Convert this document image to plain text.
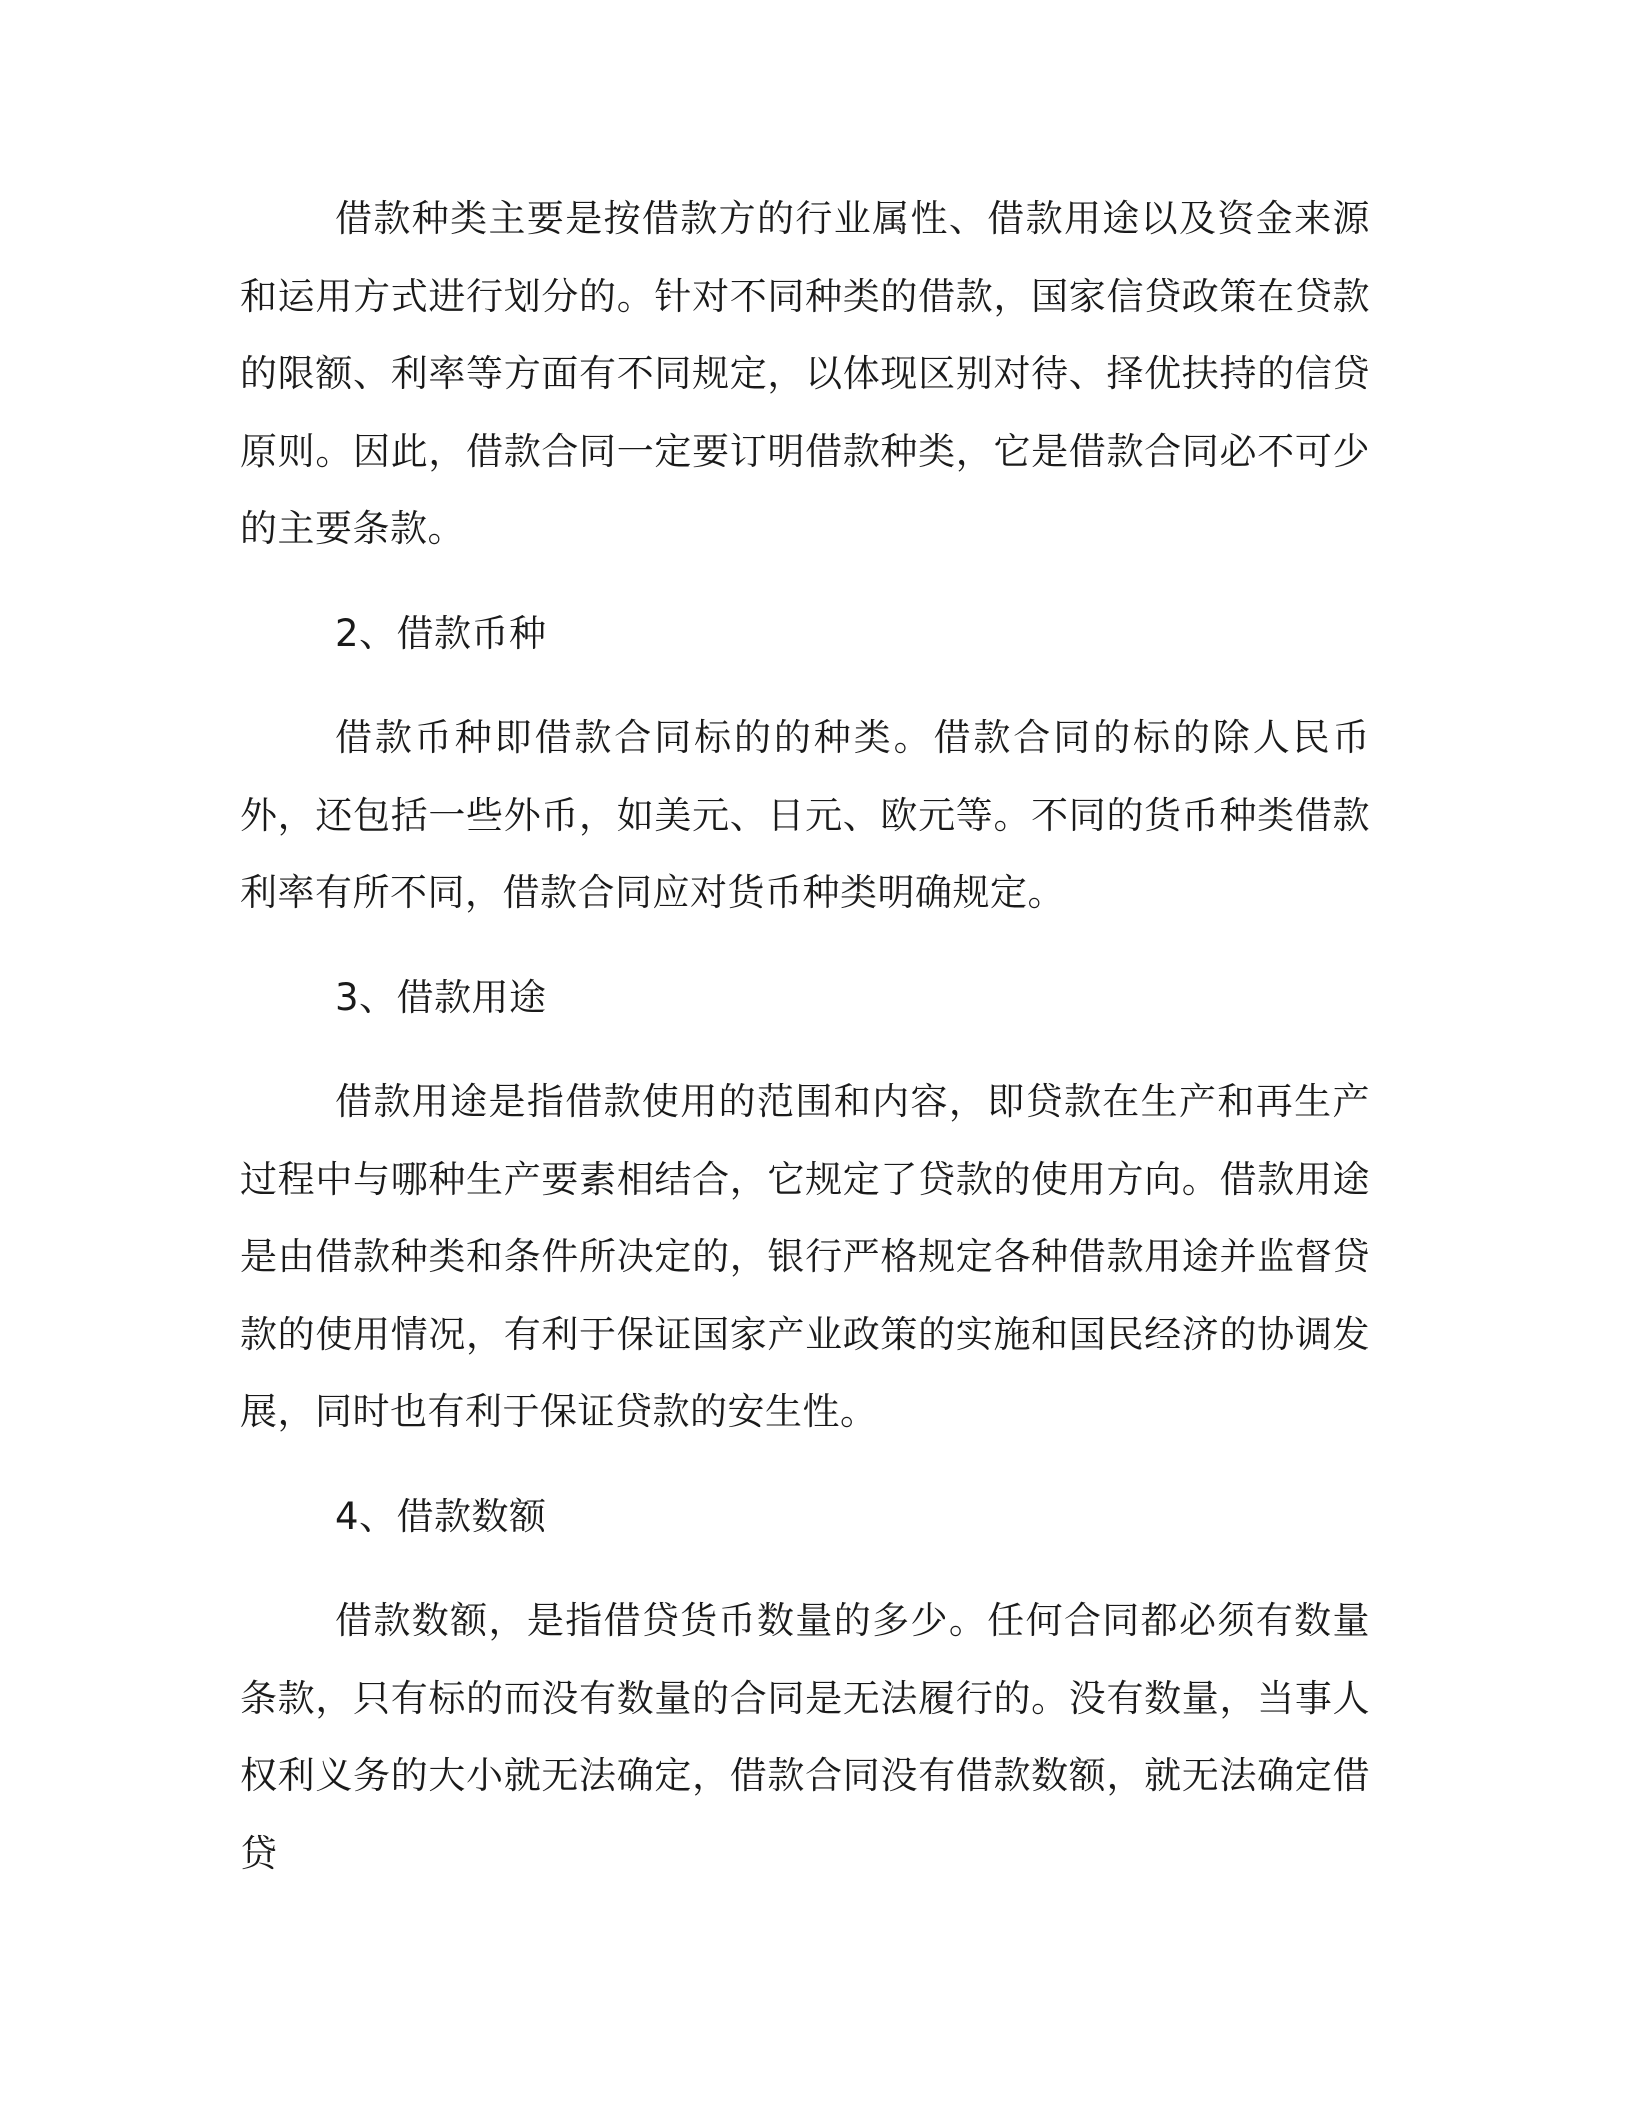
借款种类主要是按借款方的行业属性、借款用途以及资金来源和运用方式进行划分的。针对不同种类的借款，国家信贷政策在贷款的限额、利率等方面有不同规定，以体现区别对待、择优扶持的信贷原则。因此，借款合同一定要订明借款种类，它是借款合同必不可少的主要条款。

2、借款币种

借款币种即借款合同标的的种类。借款合同的标的除人民币外，还包括一些外币，如美元、日元、欧元等。不同的货币种类借款利率有所不同，借款合同应对货币种类明确规定。

3、借款用途

借款用途是指借款使用的范围和内容，即贷款在生产和再生产过程中与哪种生产要素相结合，它规定了贷款的使用方向。借款用途是由借款种类和条件所决定的，银行严格规定各种借款用途并监督贷款的使用情况，有利于保证国家产业政策的实施和国民经济的协调发展，同时也有利于保证贷款的安生性。

4、借款数额

借款数额，是指借贷货币数量的多少。任何合同都必须有数量条款，只有标的而没有数量的合同是无法履行的。没有数量，当事人权利义务的大小就无法确定，借款合同没有借款数额，就无法确定借贷
